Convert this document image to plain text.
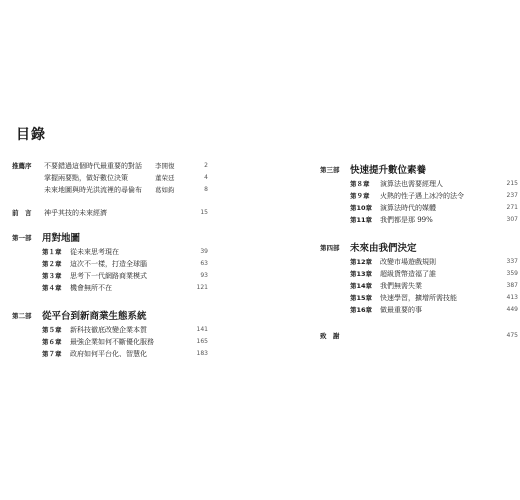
目錄
推薦序 不要錯過這個時代最重要的對話 李開復	2
掌握兩要點，做好數位決策	董荣廷	4
未來地圖與時光洪流裡的尋倫布 葛如鈞	8
前　言 神乎其技的未來經濟	15
第一部 用對地圖
第１章 從未來思考現在	39
第２章 這次不一樣，打造全球腦	63
第３章 思考下一代網路商業模式	93
第４章 機會無所不在	121
第二部 從平台到新商業生態系統
第５章 新科技徹底改變企業本質	141
第６章 最強企業如何不斷優化服務	165
第７章 政府如何平台化、智慧化	183
第三部 快速提升數位素養
第８章 演算法也需要經理人	215
第９章 火熱的性子遇上冰冷的法令	237
第10章 演算法時代的媒體	271
第11章 我們都是那 99%	307
第四部 未來由我們決定
第12章 改變市場遊戲規則	337
第13章 超級貨幣造福了誰	359
第14章 我們無需失業	387
第15章 快速學習，擴增所需技能	413
第16章 做最重要的事	449
致　謝	475
